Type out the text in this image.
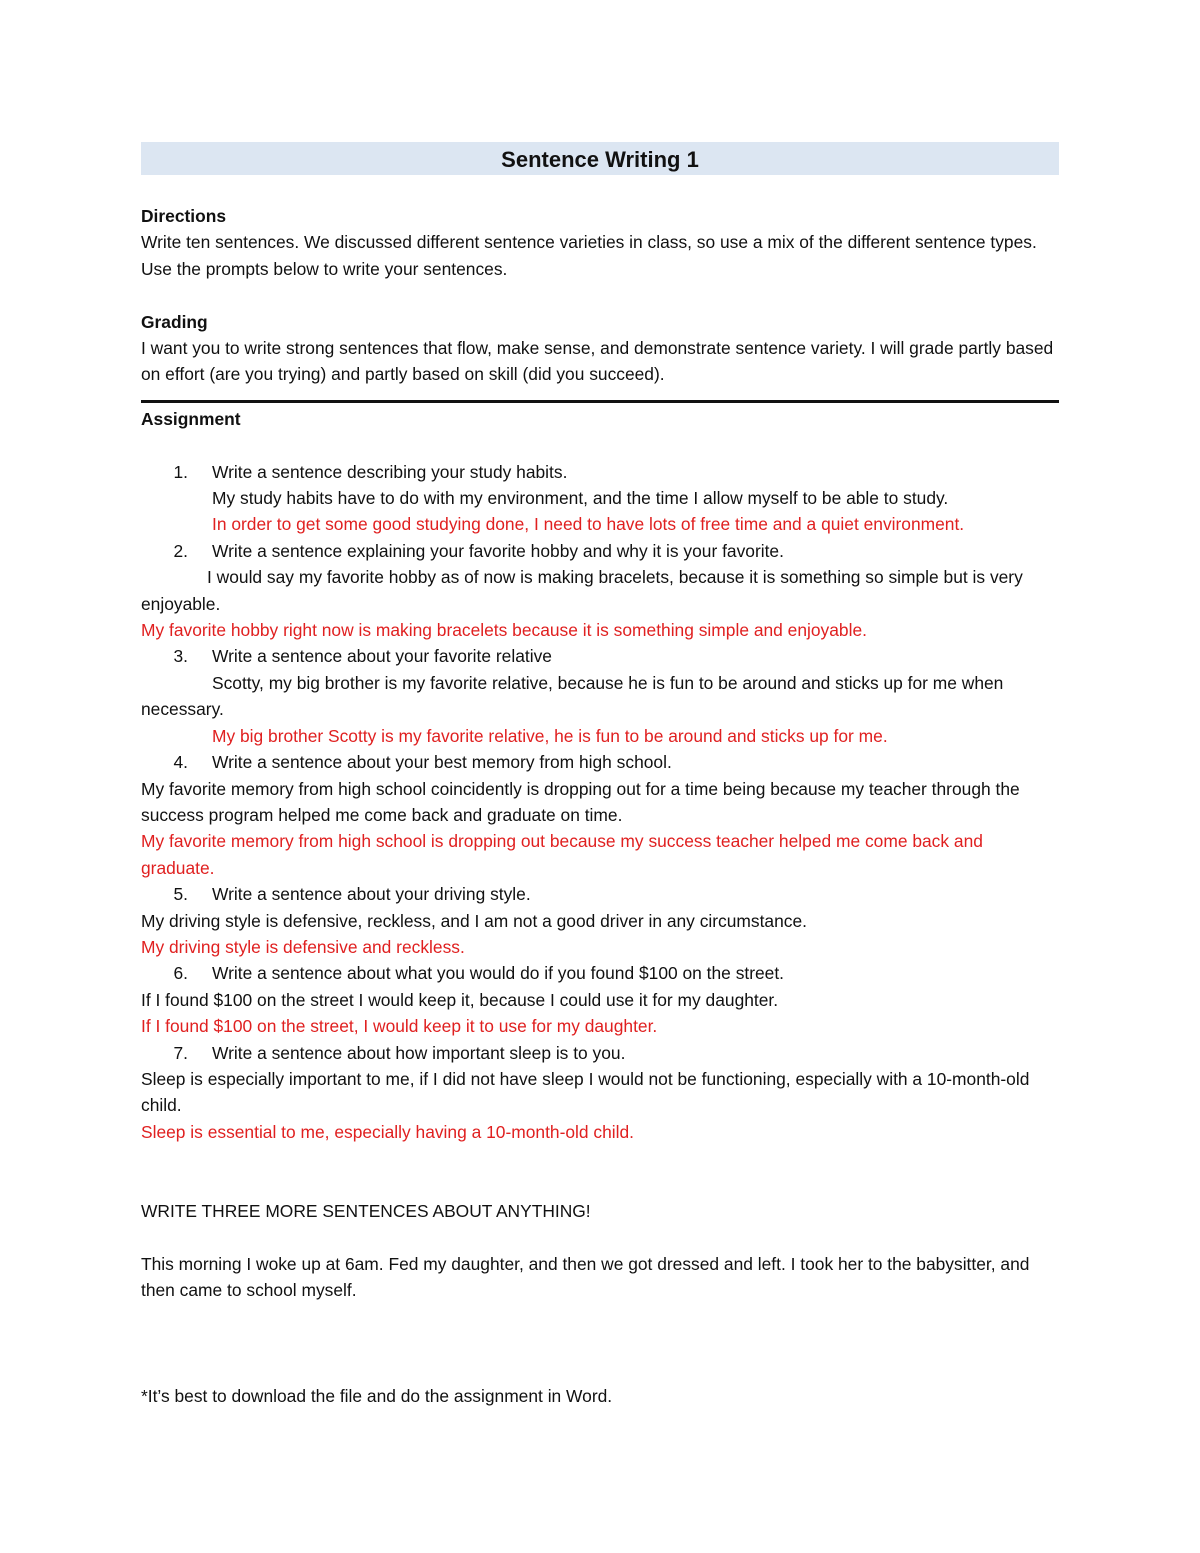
Sentence Writing 1
Directions
Write ten sentences. We discussed different sentence varieties in class, so use a mix of the different sentence types. Use the prompts below to write your sentences.
Grading
I want you to write strong sentences that flow, make sense, and demonstrate sentence variety. I will grade partly based on effort (are you trying) and partly based on skill (did you succeed).
Assignment
1. Write a sentence describing your study habits.
My study habits have to do with my environment, and the time I allow myself to be able to study.
In order to get some good studying done, I need to have lots of free time and a quiet environment.
2. Write a sentence explaining your favorite hobby and why it is your favorite.
I would say my favorite hobby as of now is making bracelets, because it is something so simple but is very enjoyable.
My favorite hobby right now is making bracelets because it is something simple and enjoyable.
3. Write a sentence about your favorite relative
Scotty, my big brother is my favorite relative, because he is fun to be around and sticks up for me when necessary.
My big brother Scotty is my favorite relative, he is fun to be around and sticks up for me.
4. Write a sentence about your best memory from high school.
My favorite memory from high school coincidently is dropping out for a time being because my teacher through the success program helped me come back and graduate on time.
My favorite memory from high school is dropping out because my success teacher helped me come back and graduate.
5. Write a sentence about your driving style.
My driving style is defensive, reckless, and I am not a good driver in any circumstance.
My driving style is defensive and reckless.
6. Write a sentence about what you would do if you found $100 on the street.
If I found $100 on the street I would keep it, because I could use it for my daughter.
If I found $100 on the street, I would keep it to use for my daughter.
7. Write a sentence about how important sleep is to you.
Sleep is especially important to me, if I did not have sleep I would not be functioning, especially with a 10-month-old child.
Sleep is essential to me, especially having a 10-month-old child.
WRITE THREE MORE SENTENCES ABOUT ANYTHING!
This morning I woke up at 6am. Fed my daughter, and then we got dressed and left. I took her to the babysitter, and then came to school myself.
*It’s best to download the file and do the assignment in Word.
